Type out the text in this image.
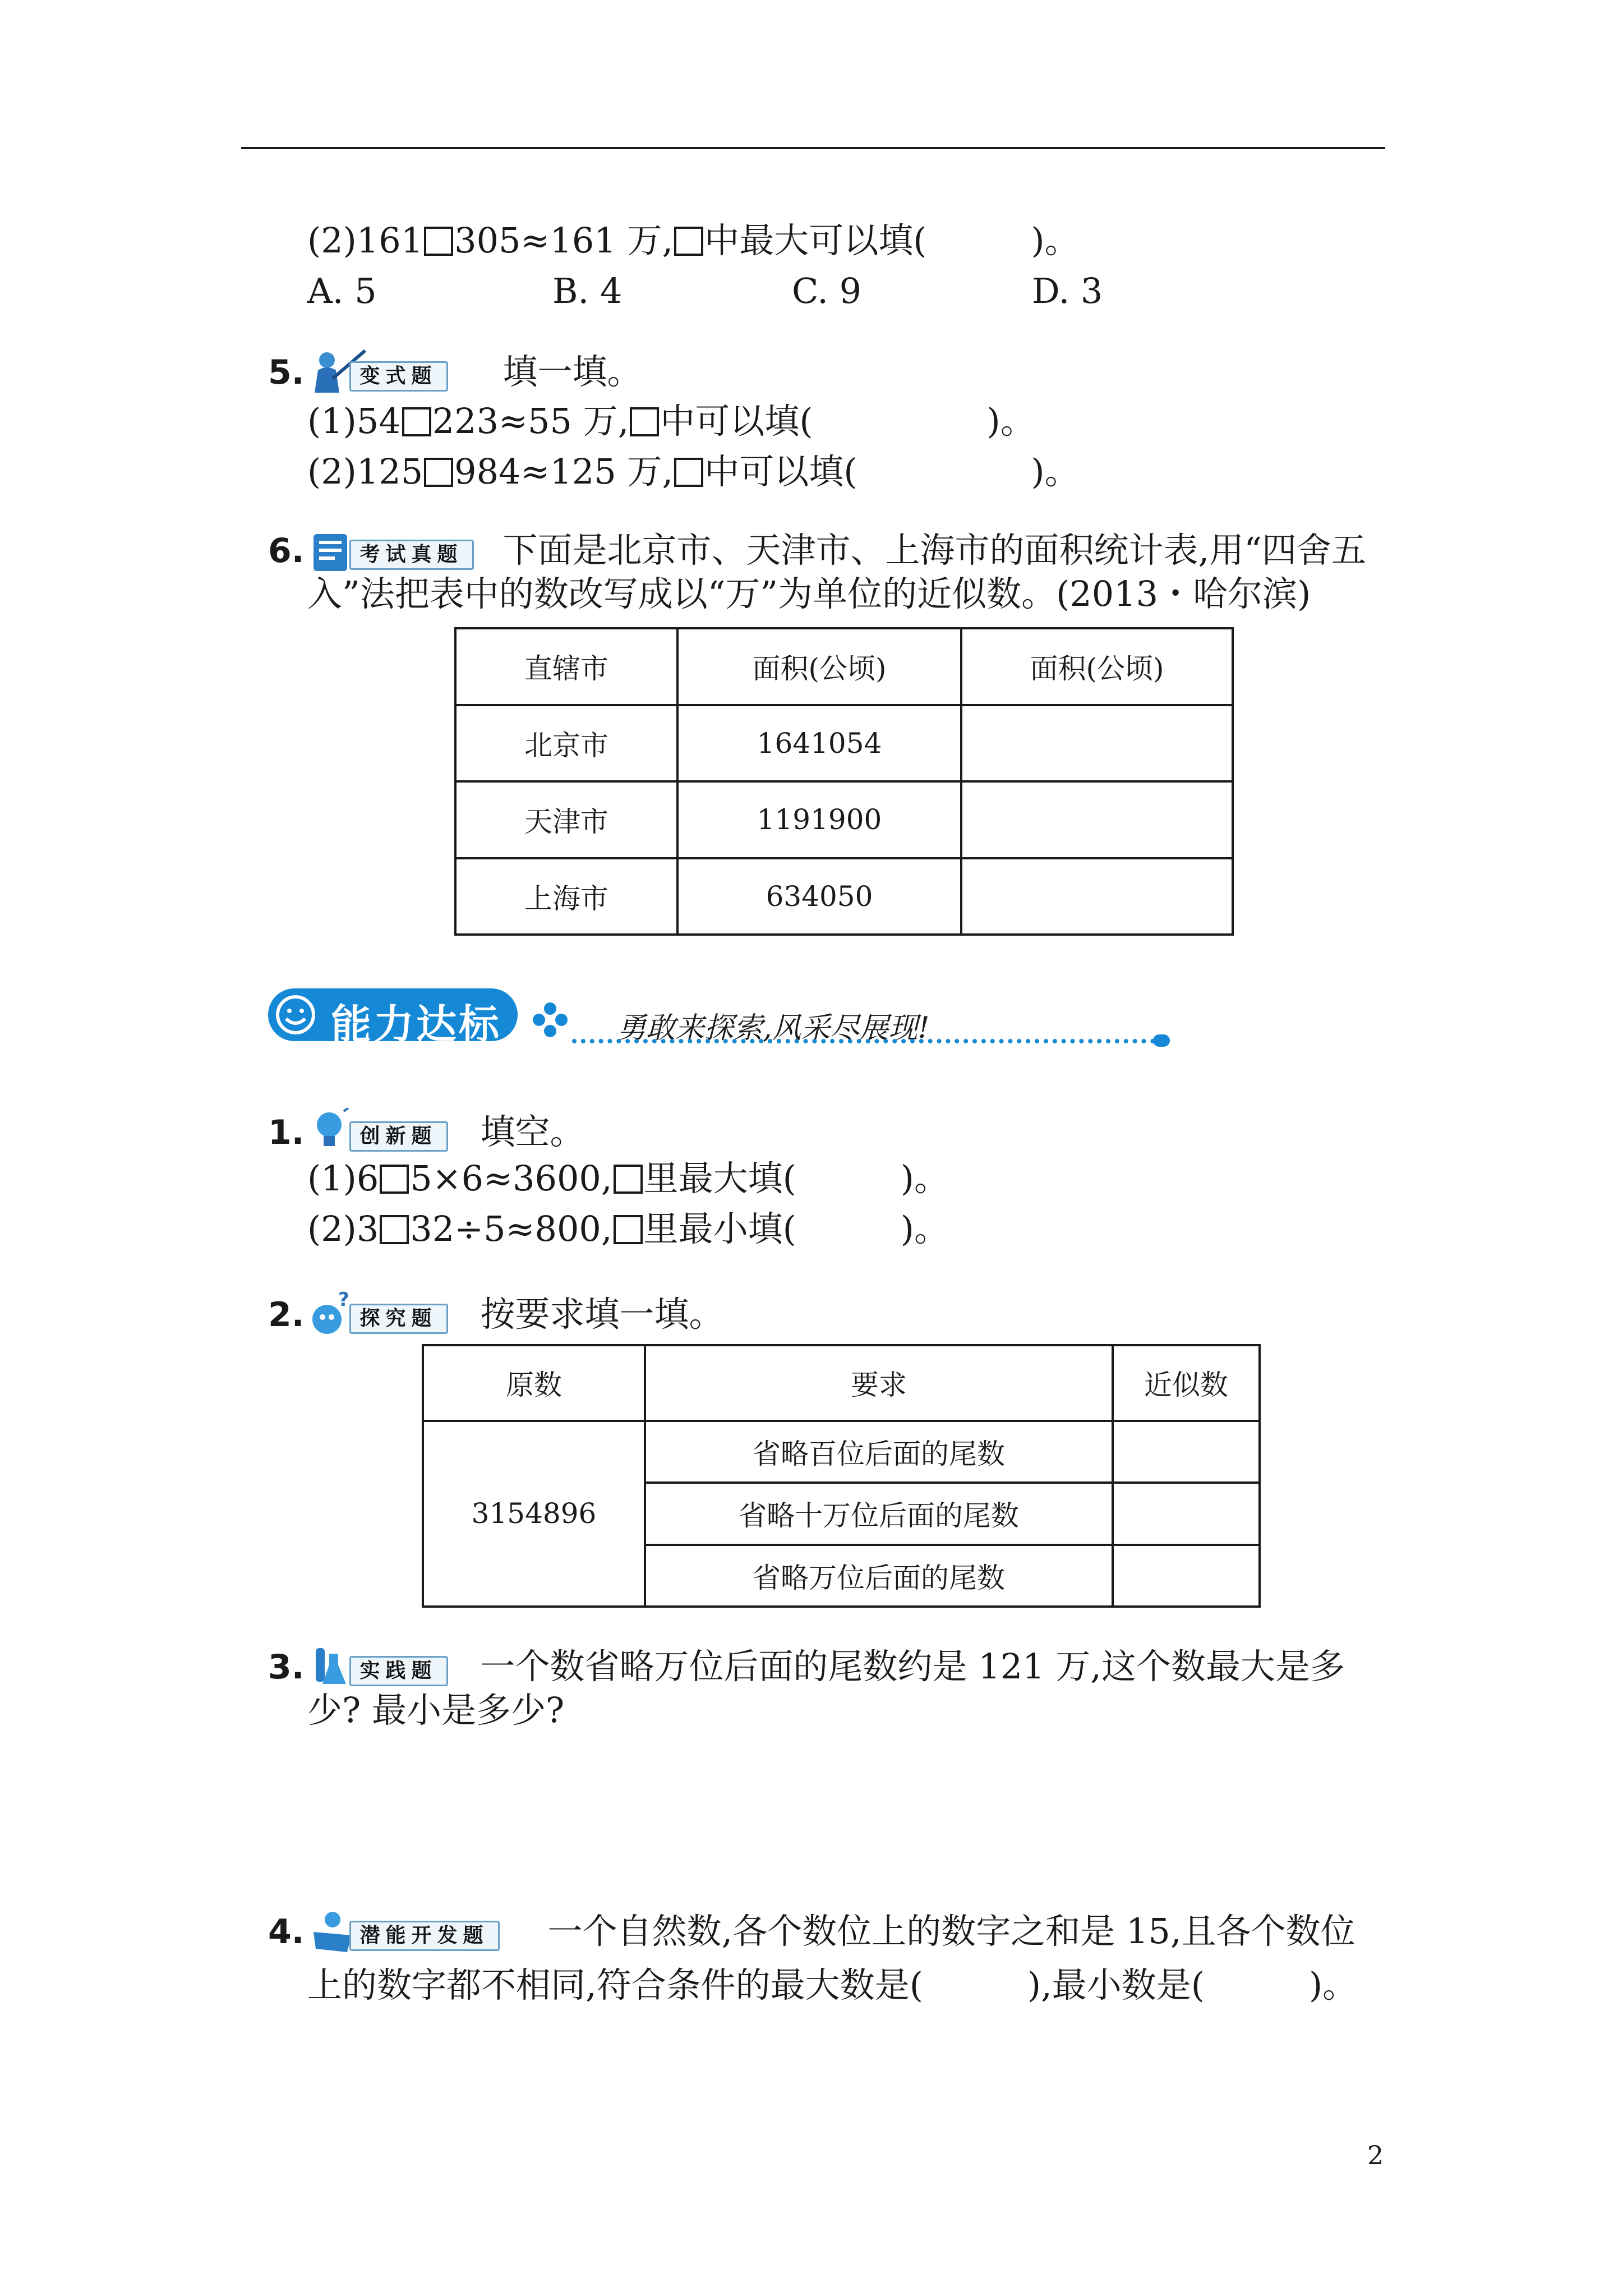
(2)161 305≈161 万, 中最大可以填(　　　)。
A. 5	B. 4	C. 9	D. 3
5.	变式题	填一填。
(1)54 223≈55 万, 中可以填(　　　　　)。
(2)125 984≈125 万, 中可以填(　　　　　)。
6.	考试真题	下面是北京市、天津市、上海市的面积统计表,用“四舍五
入”法把表中的数改写成以“万”为单位的近似数。(2013・哈尔滨)
直辖市	面积(公顷)	面积(公顷)
北京市	1641054	
天津市	1191900	
上海市	634050	
能力达标	勇敢来探索,风采尽展现!
1.	创新题	填空。
(1)6 5×6≈3600, 里最大填(　　　)。
(2)3 32÷5≈800, 里最小填(　　　)。
2. ?
探究题	按要求填一填。
原数	要求	近似数
3154896	省略百位后面的尾数	
	省略十万位后面的尾数	
	省略万位后面的尾数	
3.	实践题	一个数省略万位后面的尾数约是 121 万,这个数最大是多
少? 最小是多少?
4.	潜能开发题	一个自然数,各个数位上的数字之和是 15,且各个数位
上的数字都不相同,符合条件的最大数是(　　　),最小数是(　　　)。
2
